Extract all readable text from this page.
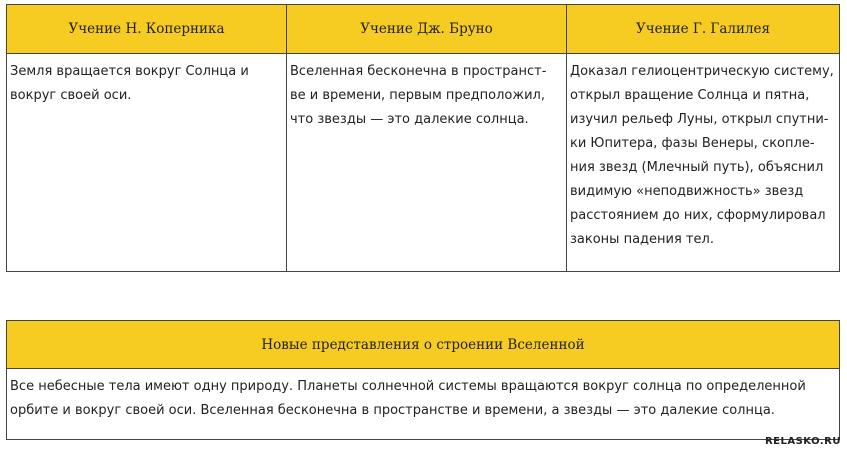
Учение Н. Коперника	Учение Дж. Бруно	Учение Г. Галилея
Земля вращается вокруг Солнца и вокруг своей оси.	Вселенная бесконечна в пространст-ве и времени, первым предположил, что звезды — это далекие солнца.	Доказал гелиоцентрическую систему, открыл вращение Солнца и пятна, изучил рельеф Луны, открыл спутни-ки Юпитера, фазы Венеры, скопле-ния звезд (Млечный путь), объяснил видимую «неподвижность» звезд расстоянием до них, сформулировал законы падения тел.
Новые представления о строении Вселенной
Все небесные тела имеют одну природу. Планеты солнечной системы вращаются вокруг солнца по определенной орбите и вокруг своей оси. Вселенная бесконечна в пространстве и времени, а звезды — это далекие солнца.
RELASKO.RU
